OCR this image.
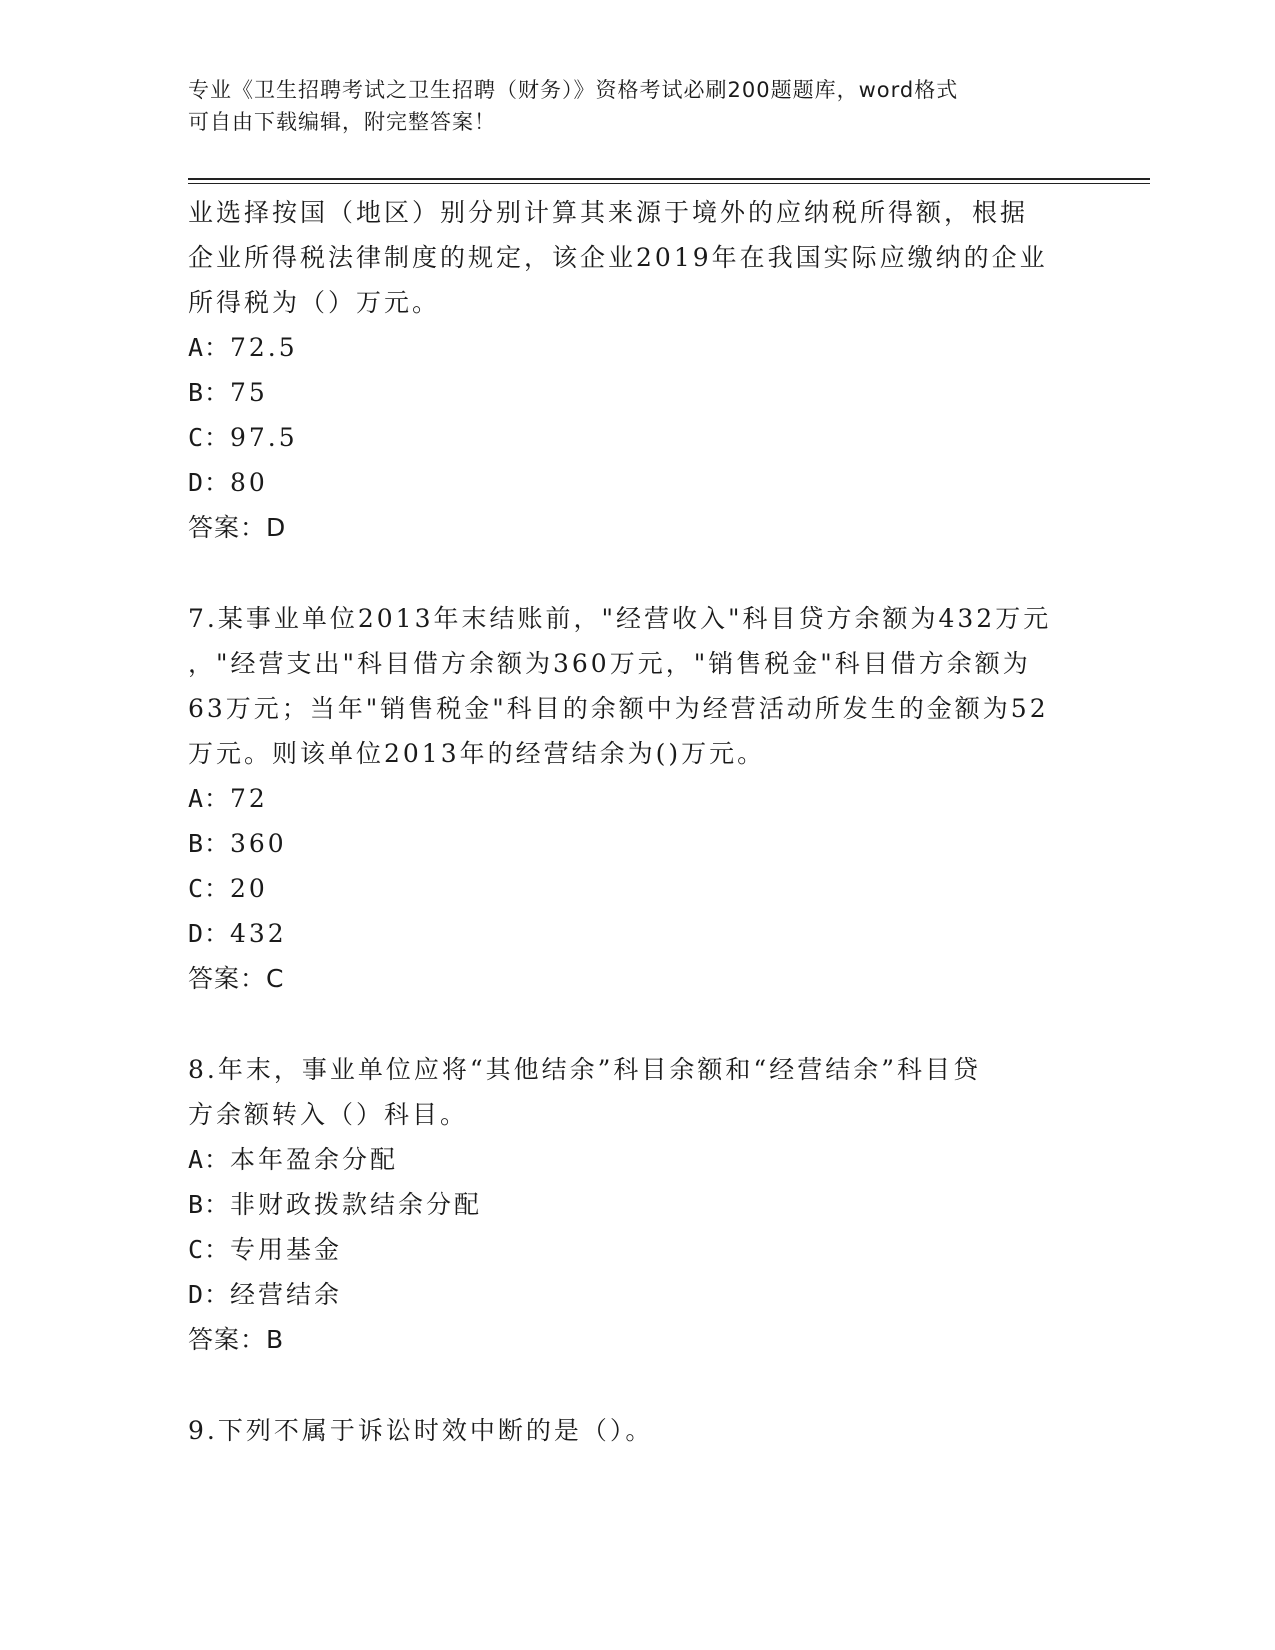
专业《卫生招聘考试之卫生招聘（财务）》资格考试必刷200题题库，word格式
可自由下载编辑，附完整答案！

业选择按国（地区）别分别计算其来源于境外的应纳税所得额，根据

企业所得税法律制度的规定，该企业2019年在我国实际应缴纳的企业

所得税为（）万元。

A：72.5

B：75

C：97.5

D：80

答案：D

7.某事业单位2013年末结账前，"经营收入"科目贷方余额为432万元

，"经营支出"科目借方余额为360万元，"销售税金"科目借方余额为

63万元；当年"销售税金"科目的余额中为经营活动所发生的金额为52

万元。则该单位2013年的经营结余为()万元。

A：72

B：360

C：20

D：432

答案：C

8.年末，事业单位应将“其他结余”科目余额和“经营结余”科目贷

方余额转入（）科目。

A：本年盈余分配

B：非财政拨款结余分配

C：专用基金

D：经营结余

答案：B

9.下列不属于诉讼时效中断的是（）。
